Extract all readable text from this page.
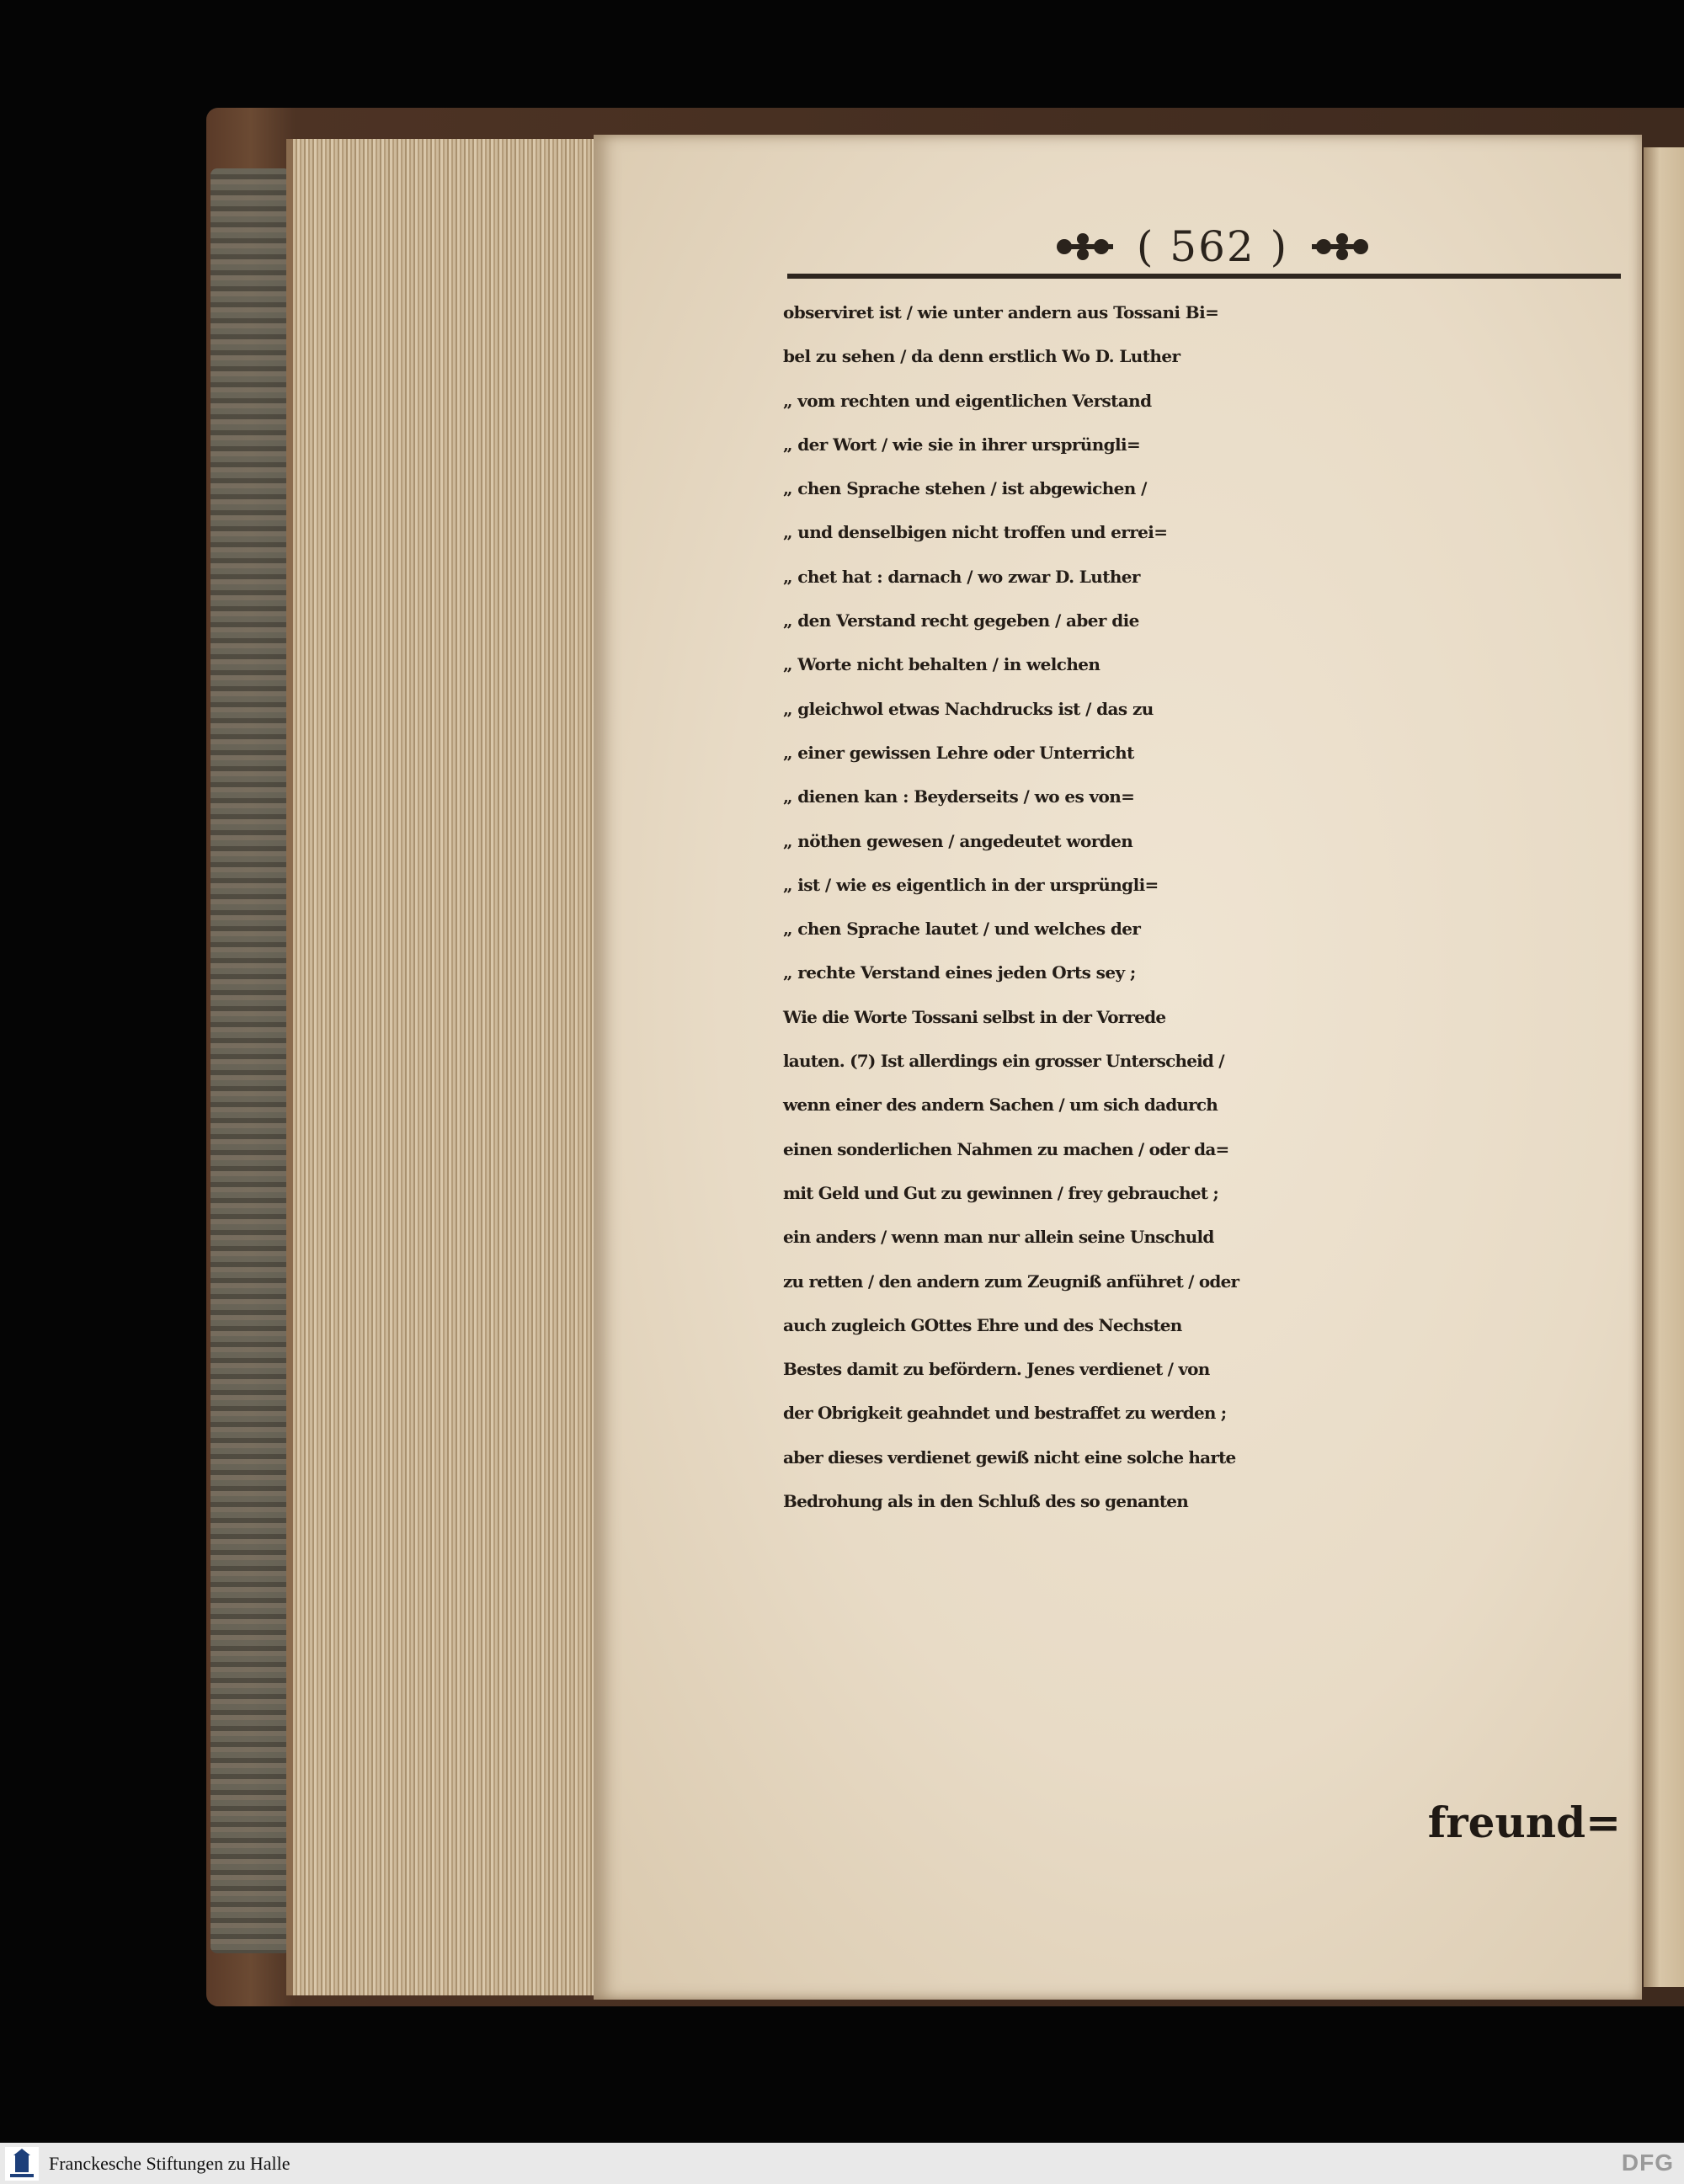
( 562 )
observiret ist / wie unter andern aus Tossani Bi=
bel zu sehen / da denn erstlich Wo D. Luther
„ vom rechten und eigentlichen Verstand
„ der Wort / wie sie in ihrer ursprüngli=
„ chen Sprache stehen / ist abgewichen /
„ und denselbigen nicht troffen und errei=
„ chet hat : darnach / wo zwar D. Luther
„ den Verstand recht gegeben / aber die
„ Worte nicht behalten / in welchen
„ gleichwol etwas Nachdrucks ist / das zu
„ einer gewissen Lehre oder Unterricht
„ dienen kan : Beyderseits / wo es von=
„ nöthen gewesen / angedeutet worden
„ ist / wie es eigentlich in der ursprüngli=
„ chen Sprache lautet / und welches der
„ rechte Verstand eines jeden Orts sey ;
Wie die Worte Tossani selbst in der Vorrede
lauten. (7) Ist allerdings ein grosser Unterscheid /
wenn einer des andern Sachen / um sich dadurch
einen sonderlichen Nahmen zu machen / oder da=
mit Geld und Gut zu gewinnen / frey gebrauchet ;
ein anders / wenn man nur allein seine Unschuld
zu retten / den andern zum Zeugniß anführet / oder
auch zugleich GOttes Ehre und des Nechsten
Bestes damit zu befördern. Jenes verdienet / von
der Obrigkeit geahndet und bestraffet zu werden ;
aber dieses verdienet gewiß nicht eine solche harte
Bedrohung als in den Schluß des so genanten
freund=
Franckesche Stiftungen zu Halle	DFG
